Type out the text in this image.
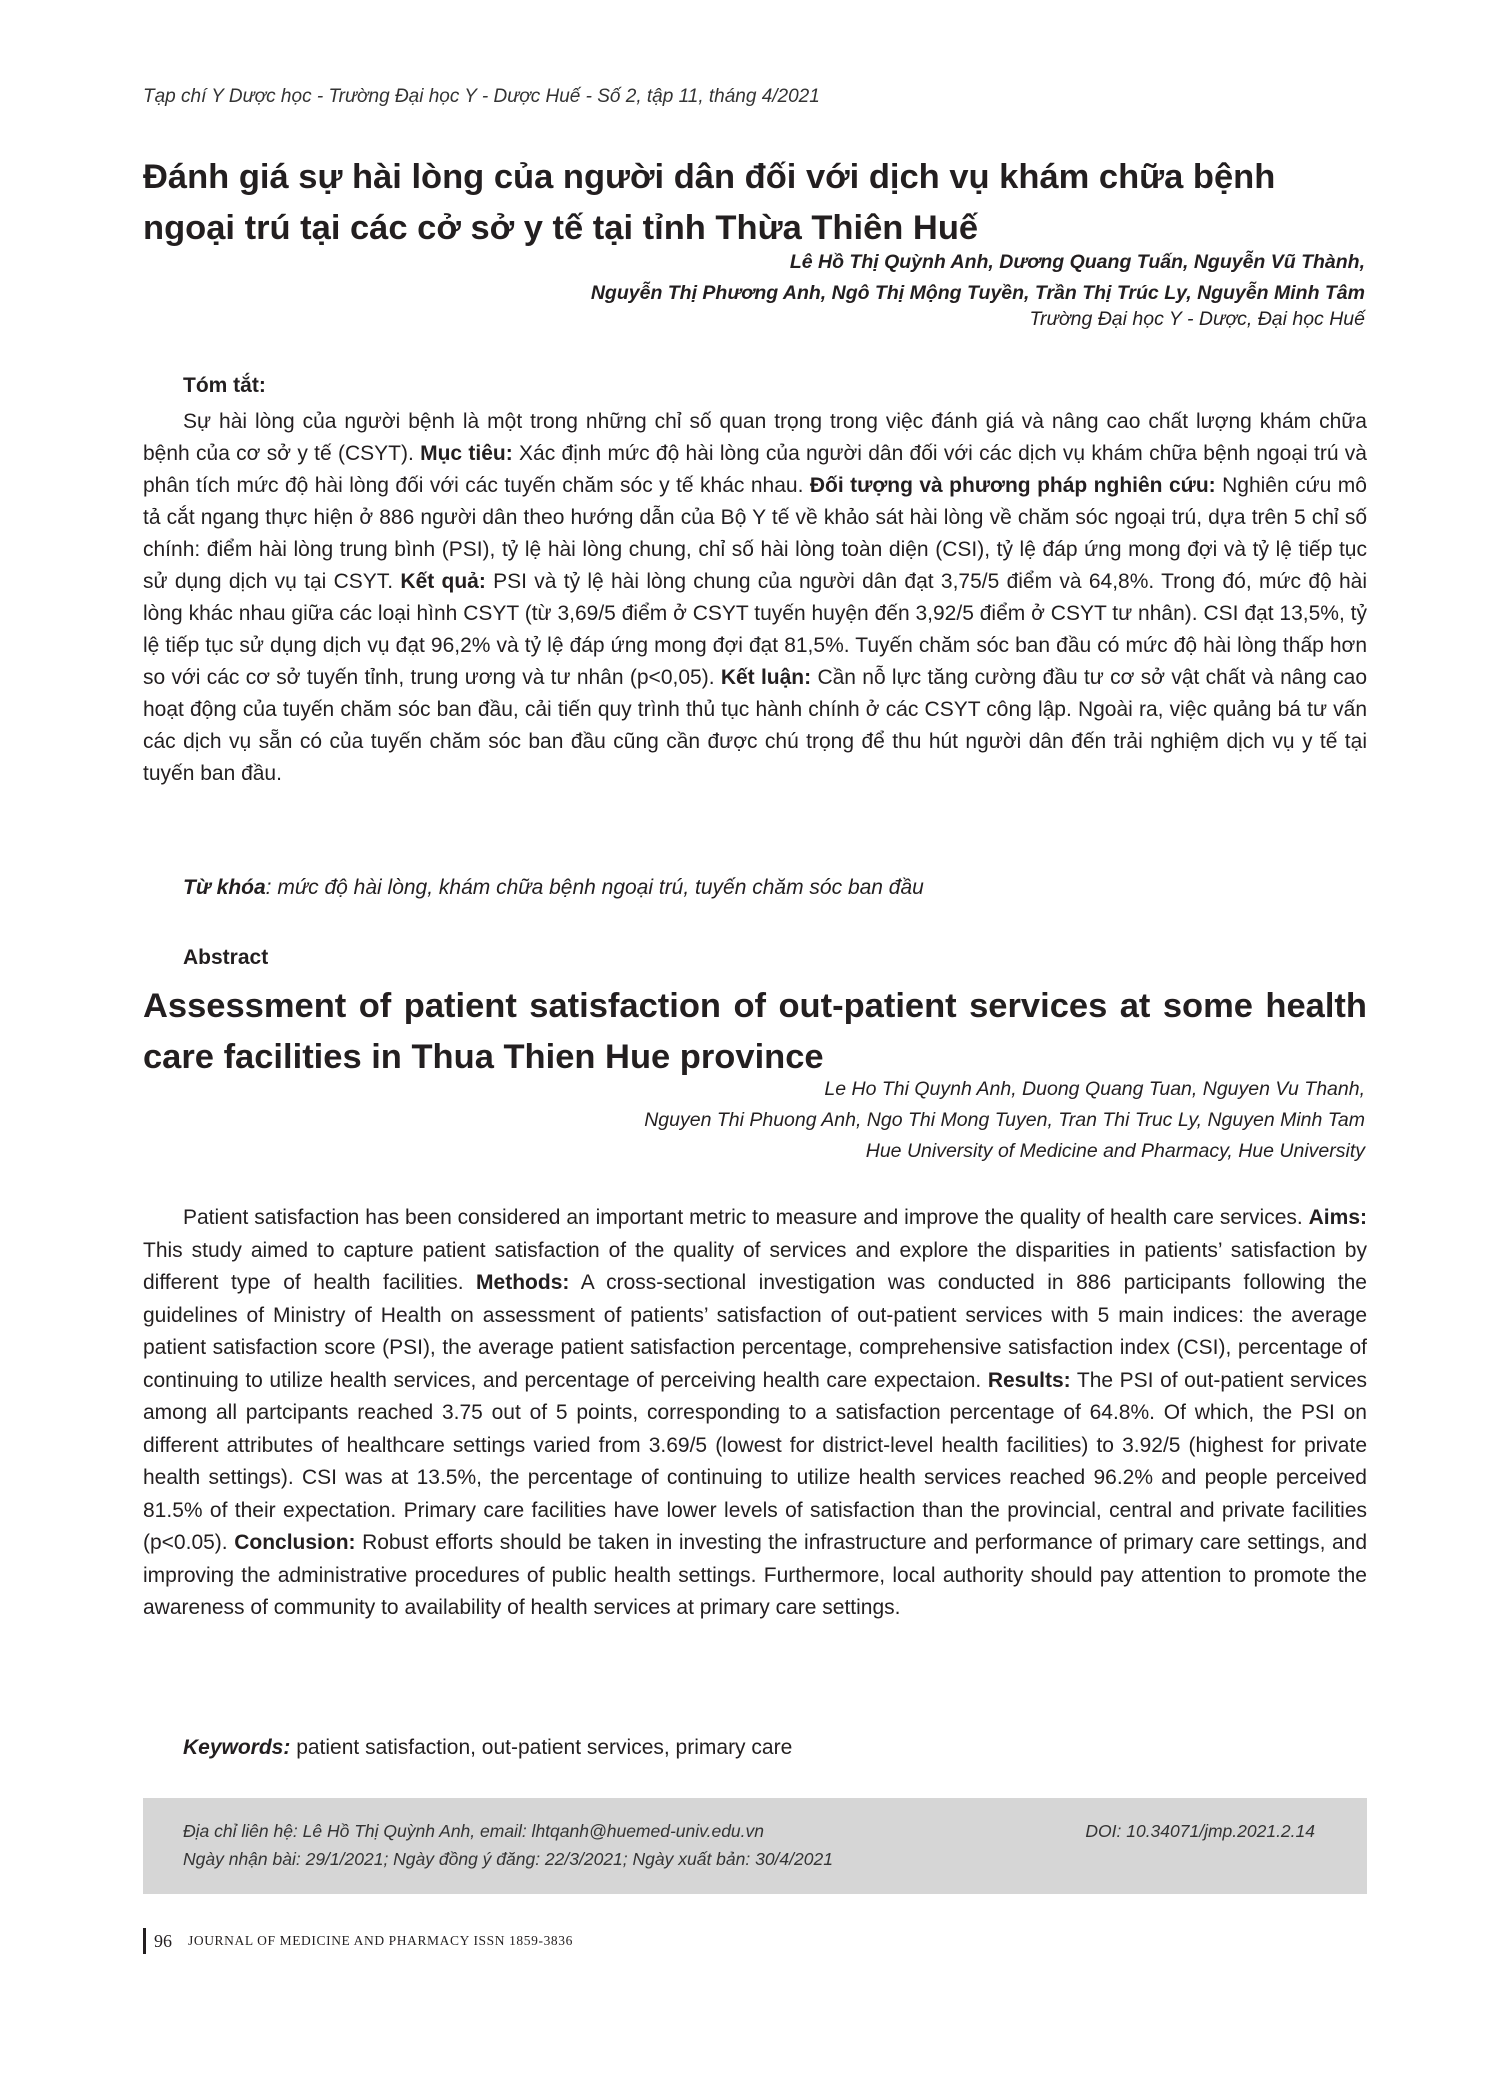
Tạp chí Y Dược học - Trường Đại học Y - Dược Huế - Số 2, tập 11, tháng 4/2021
Đánh giá sự hài lòng của người dân đối với dịch vụ khám chữa bệnh ngoại trú tại các cở sở y tế tại tỉnh Thừa Thiên Huế
Lê Hồ Thị Quỳnh Anh, Dương Quang Tuấn, Nguyễn Vũ Thành,
Nguyễn Thị Phương Anh, Ngô Thị Mộng Tuyền, Trần Thị Trúc Ly, Nguyễn Minh Tâm
Trường Đại học Y - Dược, Đại học Huế
Tóm tắt:

Sự hài lòng của người bệnh là một trong những chỉ số quan trọng trong việc đánh giá và nâng cao chất lượng khám chữa bệnh của cơ sở y tế (CSYT). Mục tiêu: Xác định mức độ hài lòng của người dân đối với các dịch vụ khám chữa bệnh ngoại trú và phân tích mức độ hài lòng đối với các tuyến chăm sóc y tế khác nhau. Đối tượng và phương pháp nghiên cứu: Nghiên cứu mô tả cắt ngang thực hiện ở 886 người dân theo hướng dẫn của Bộ Y tế về khảo sát hài lòng về chăm sóc ngoại trú, dựa trên 5 chỉ số chính: điểm hài lòng trung bình (PSI), tỷ lệ hài lòng chung, chỉ số hài lòng toàn diện (CSI), tỷ lệ đáp ứng mong đợi và tỷ lệ tiếp tục sử dụng dịch vụ tại CSYT. Kết quả: PSI và tỷ lệ hài lòng chung của người dân đạt 3,75/5 điểm và 64,8%. Trong đó, mức độ hài lòng khác nhau giữa các loại hình CSYT (từ 3,69/5 điểm ở CSYT tuyến huyện đến 3,92/5 điểm ở CSYT tư nhân). CSI đạt 13,5%, tỷ lệ tiếp tục sử dụng dịch vụ đạt 96,2% và tỷ lệ đáp ứng mong đợi đạt 81,5%. Tuyến chăm sóc ban đầu có mức độ hài lòng thấp hơn so với các cơ sở tuyến tỉnh, trung ương và tư nhân (p<0,05). Kết luận: Cần nỗ lực tăng cường đầu tư cơ sở vật chất và nâng cao hoạt động của tuyến chăm sóc ban đầu, cải tiến quy trình thủ tục hành chính ở các CSYT công lập. Ngoài ra, việc quảng bá tư vấn các dịch vụ sẵn có của tuyến chăm sóc ban đầu cũng cần được chú trọng để thu hút người dân đến trải nghiệm dịch vụ y tế tại tuyến ban đầu.

Từ khóa: mức độ hài lòng, khám chữa bệnh ngoại trú, tuyến chăm sóc ban đầu
Abstract
Assessment of patient satisfaction of out-patient services at some health care facilities in Thua Thien Hue province
Le Ho Thi Quynh Anh, Duong Quang Tuan, Nguyen Vu Thanh,
Nguyen Thi Phuong Anh, Ngo Thi Mong Tuyen, Tran Thi Truc Ly, Nguyen Minh Tam
Hue University of Medicine and Pharmacy, Hue University

Patient satisfaction has been considered an important metric to measure and improve the quality of health care services. Aims: This study aimed to capture patient satisfaction of the quality of services and explore the disparities in patients’ satisfaction by different type of health facilities. Methods: A cross-sectional investigation was conducted in 886 participants following the guidelines of Ministry of Health on assessment of patients’ satisfaction of out-patient services with 5 main indices: the average patient satisfaction score (PSI), the average patient satisfaction percentage, comprehensive satisfaction index (CSI), percentage of continuing to utilize health services, and percentage of perceiving health care expectaion. Results: The PSI of out-patient services among all partcipants reached 3.75 out of 5 points, corresponding to a satisfaction percentage of 64.8%. Of which, the PSI on different attributes of healthcare settings varied from 3.69/5 (lowest for district-level health facilities) to 3.92/5 (highest for private health settings). CSI was at 13.5%, the percentage of continuing to utilize health services reached 96.2% and people perceived 81.5% of their expectation. Primary care facilities have lower levels of satisfaction than the provincial, central and private facilities (p<0.05). Conclusion: Robust efforts should be taken in investing the infrastructure and performance of primary care settings, and improving the administrative procedures of public health settings. Furthermore, local authority should pay attention to promote the awareness of community to availability of health services at primary care settings.

Keywords: patient satisfaction, out-patient services, primary care
Địa chỉ liên hệ: Lê Hồ Thị Quỳnh Anh, email: lhtqanh@huemed-univ.edu.vn	DOI: 10.34071/jmp.2021.2.14
Ngày nhận bài: 29/1/2021; Ngày đồng ý đăng: 22/3/2021; Ngày xuất bản: 30/4/2021
96 JOURNAL OF MEDICINE AND PHARMACY ISSN 1859-3836
